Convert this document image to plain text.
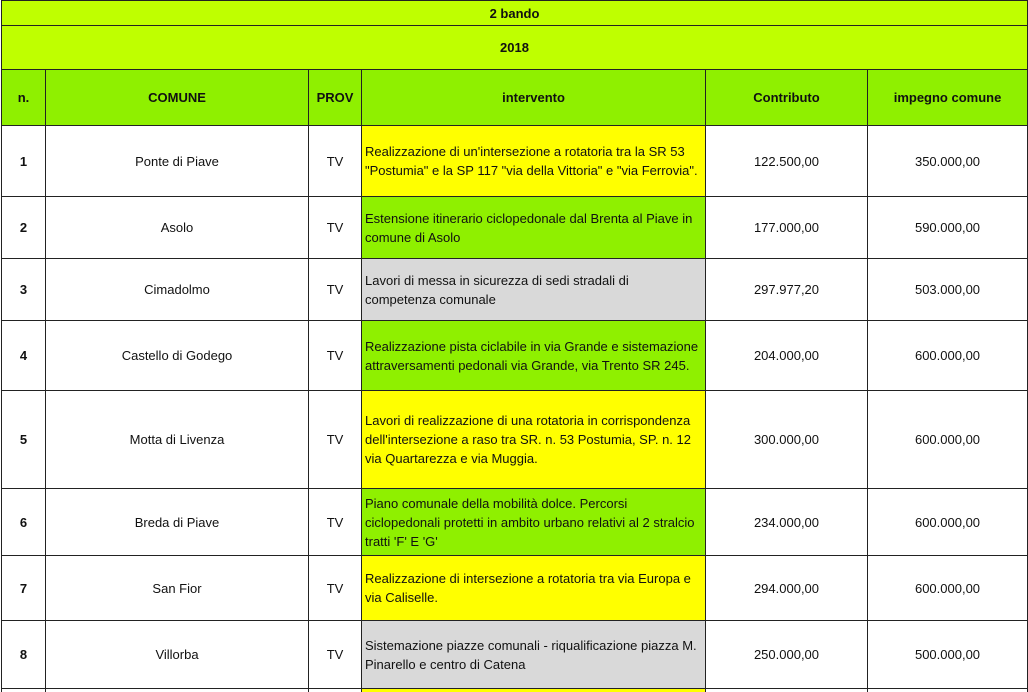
2 bando					
2018					
n.	COMUNE	PROV	intervento	Contributo	impegno comune
1	Ponte di Piave	TV	Realizzazione di un'intersezione a rotatoria tra la SR 53 "Postumia" e la SP 117 "via della Vittoria" e "via Ferrovia".	122.500,00	350.000,00
2	Asolo	TV	Estensione itinerario ciclopedonale dal Brenta al Piave in comune di Asolo	177.000,00	590.000,00
3	Cimadolmo	TV	Lavori di messa in sicurezza di sedi stradali di competenza comunale	297.977,20	503.000,00
4	Castello di Godego	TV	Realizzazione pista ciclabile in via Grande e sistemazione attraversamenti pedonali via Grande, via Trento SR 245.	204.000,00	600.000,00
5	Motta di Livenza	TV	Lavori di realizzazione di una rotatoria in corrispondenza dell'intersezione a raso tra SR. n. 53 Postumia, SP. n. 12 via Quartarezza e via Muggia.	300.000,00	600.000,00
6	Breda di Piave	TV	Piano comunale della mobilità dolce. Percorsi ciclopedonali protetti in ambito urbano relativi al 2 stralcio tratti 'F' E 'G'	234.000,00	600.000,00
7	San Fior	TV	Realizzazione di intersezione a rotatoria tra via Europa e via Caliselle.	294.000,00	600.000,00
8	Villorba	TV	Sistemazione piazze comunali - riqualificazione piazza M. Pinarello e centro di Catena	250.000,00	500.000,00
